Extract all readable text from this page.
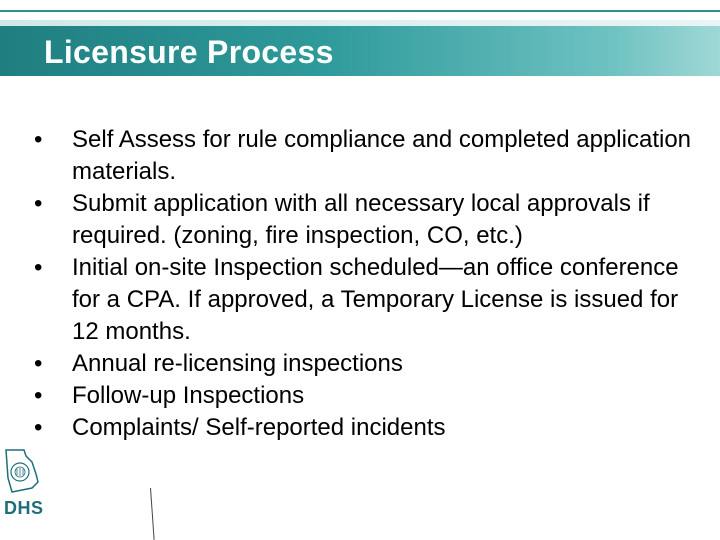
Licensure Process
•	Self Assess for rule compliance and completed application materials.
•	Submit application with all necessary local approvals if required. (zoning, fire inspection, CO, etc.)
•	Initial on-site Inspection scheduled—an office conference for a CPA. If approved, a Temporary License is issued for 12 months.
•	Annual re-licensing inspections
•	Follow-up Inspections
•	Complaints/ Self-reported incidents
DHS
